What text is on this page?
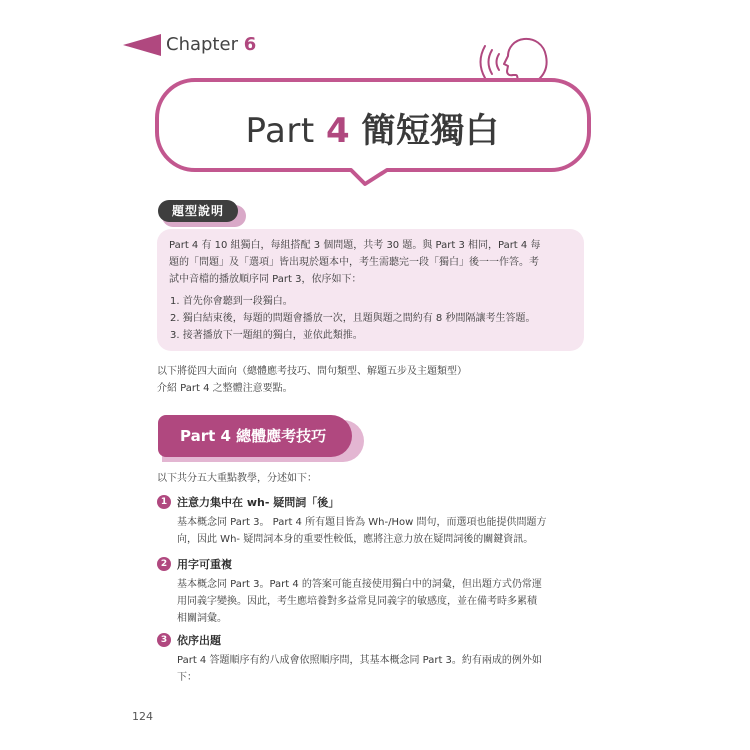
Chapter 6
Part 4 簡短獨白
題型說明
Part 4 有 10 組獨白，每組搭配 3 個問題，共考 30 題。與 Part 3 相同，Part 4 每
題的「問題」及「選項」皆出現於題本中，考生需聽完一段「獨白」後一一作答。考
試中音檔的播放順序同 Part 3，依序如下：
1. 首先你會聽到一段獨白。
2. 獨白結束後，每題的問題會播放一次，且題與題之間約有 8 秒間隔讓考生答題。
3. 接著播放下一題組的獨白，並依此類推。
以下將從四大面向（總體應考技巧、問句類型、解題五步及主題類型）
介紹 Part 4 之整體注意要點。
Part 4 總體應考技巧
以下共分五大重點教學，分述如下：
1 注意力集中在 wh- 疑問詞「後」
基本概念同 Part 3。 Part 4 所有題目皆為 Wh-/How 問句，而選項也能提供問題方
向，因此 Wh- 疑問詞本身的重要性較低，應將注意力放在疑問詞後的關鍵資訊。
2 用字可重複
基本概念同 Part 3。Part 4 的答案可能直接使用獨白中的詞彙，但出題方式仍常運
用同義字變換。因此，考生應培養對多益常見同義字的敏感度，並在備考時多累積
相關詞彙。
3 依序出題
Part 4 答題順序有約八成會依照順序問，其基本概念同 Part 3。約有兩成的例外如
下：
124
